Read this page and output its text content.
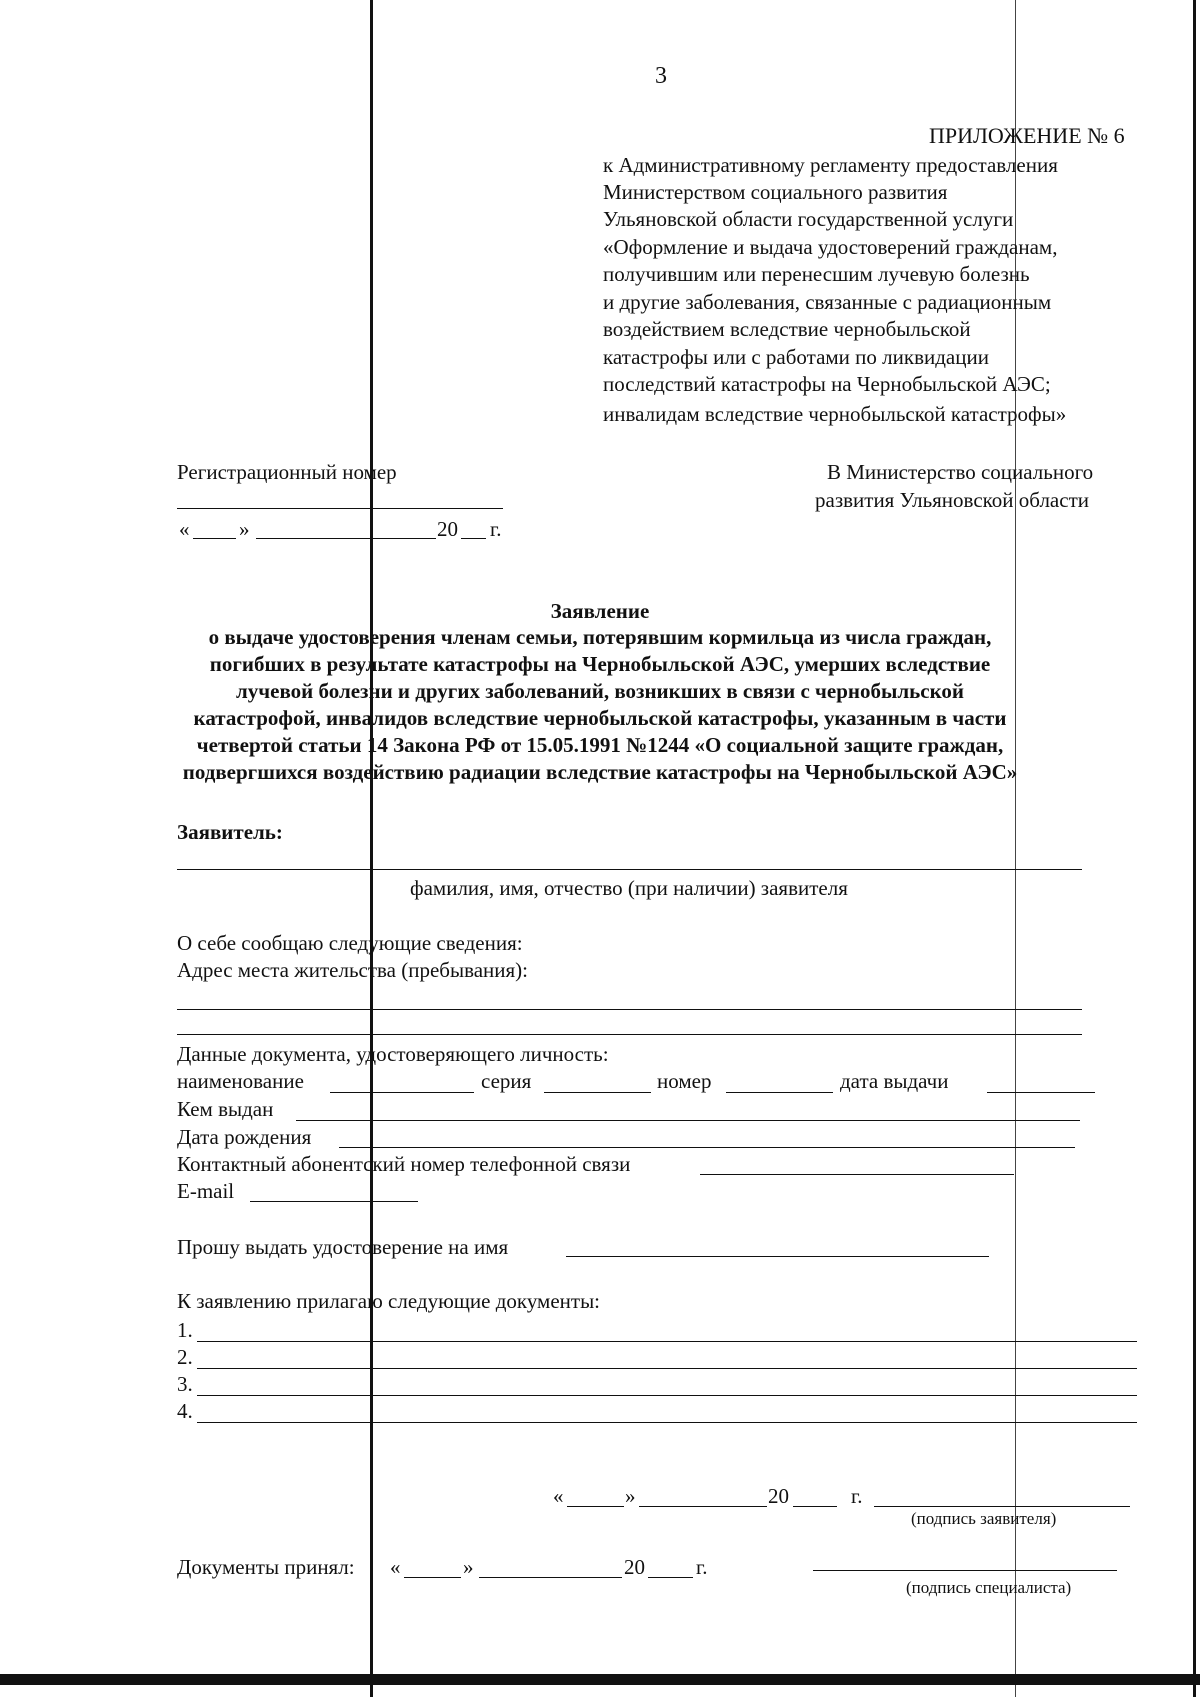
3
ПРИЛОЖЕНИЕ № 6
к Административному регламенту предоставления
Министерством социального развития
Ульяновской области государственной услуги
«Оформление и выдача удостоверений гражданам,
получившим или перенесшим лучевую болезнь
и другие заболевания, связанные с радиационным
воздействием вследствие чернобыльской
катастрофы или с работами по ликвидации
последствий катастрофы на Чернобыльской АЭС;
инвалидам вследствие чернобыльской катастрофы»
Регистрационный номер
« »	20 г.
В Министерство социального
развития Ульяновской области
Заявление
о выдаче удостоверения членам семьи, потерявшим кормильца из числа граждан,
погибших в результате катастрофы на Чернобыльской АЭС, умерших вследствие
лучевой болезни и других заболеваний, возникших в связи с чернобыльской
катастрофой, инвалидов вследствие чернобыльской катастрофы, указанным в части
четвертой статьи 14 Закона РФ от 15.05.1991 №1244 «О социальной защите граждан,
подвергшихся воздействию радиации вследствие катастрофы на Чернобыльской АЭС»
Заявитель:
фамилия, имя, отчество (при наличии) заявителя
О себе сообщаю следующие сведения:
Адрес места жительства (пребывания):
Данные документа, удостоверяющего личность:
наименование	серия	номер	дата выдачи
Кем выдан
Дата рождения
Контактный абонентский номер телефонной связи
E-mail
Прошу выдать удостоверение на имя
К заявлению прилагаю следующие документы:
1.
2.
3.
4.
«	»	20	г.
(подпись заявителя)
Документы принял: «	»	20 г.
(подпись специалиста)
